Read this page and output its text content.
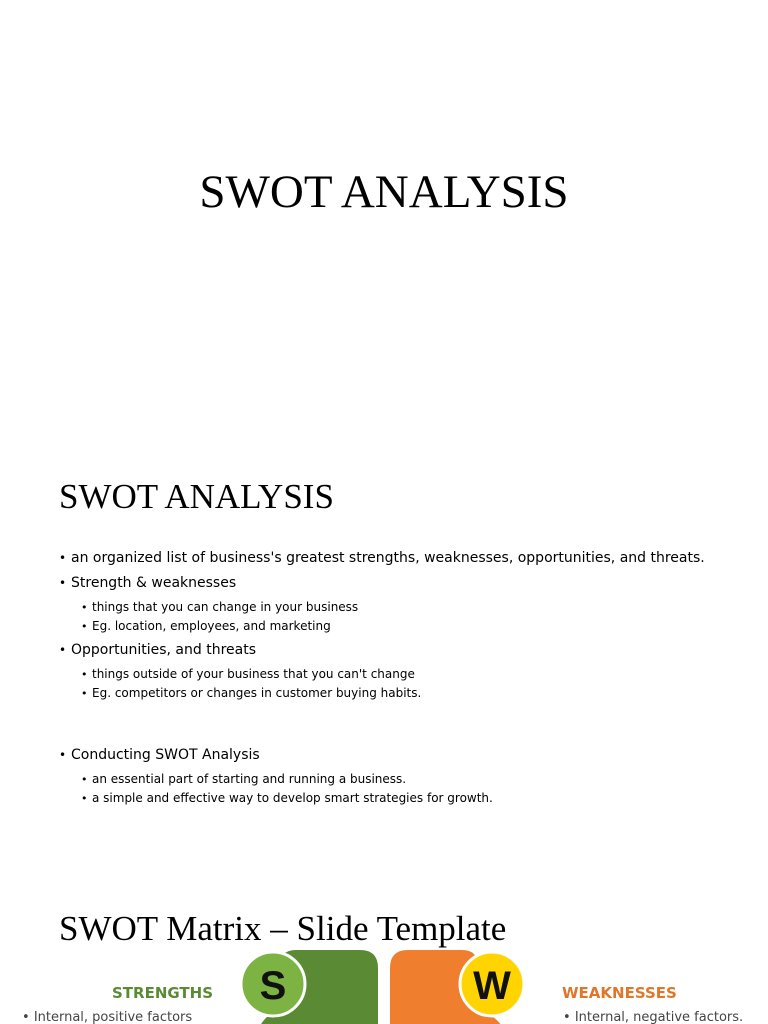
SWOT ANALYSIS
SWOT ANALYSIS
• an organized list of business's greatest strengths, weaknesses, opportunities, and threats.
• Strength & weaknesses
• things that you can change in your business
• Eg. location, employees, and marketing
• Opportunities, and threats
• things outside of your business that you can't change
• Eg. competitors or changes in customer buying habits.
• Conducting SWOT Analysis
• an essential part of starting and running a business.
• a simple and effective way to develop smart strategies for growth.
SWOT Matrix – Slide Template
STRENGTHS
• Internal, positive factors
WEAKNESSES
• Internal, negative factors.
S	W
